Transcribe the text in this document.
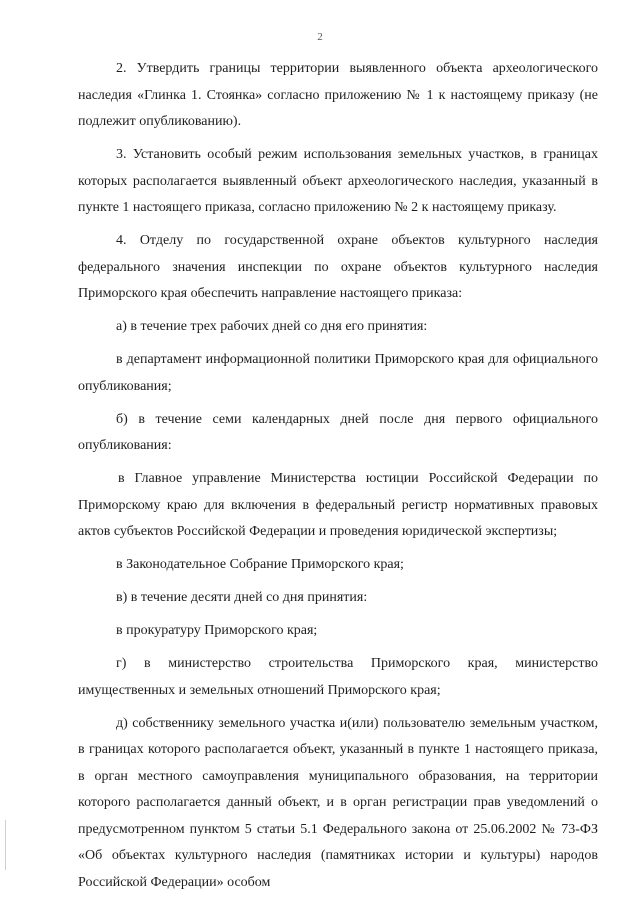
2

2. Утвердить границы территории выявленного объекта археологического наследия «Глинка 1. Стоянка» согласно приложению № 1 к настоящему приказу (не подлежит опубликованию).

3. Установить особый режим использования земельных участков, в границах которых располагается выявленный объект археологического наследия, указанный в пункте 1 настоящего приказа, согласно приложению № 2 к настоящему приказу.

4. Отделу по государственной охране объектов культурного наследия федерального значения инспекции по охране объектов культурного наследия Приморского края обеспечить направление настоящего приказа:

а) в течение трех рабочих дней со дня его принятия:

в департамент информационной политики Приморского края для официального опубликования;

б) в течение семи календарных дней после дня первого официального опубликования:

в Главное управление Министерства юстиции Российской Федерации по Приморскому краю для включения в федеральный регистр нормативных правовых актов субъектов Российской Федерации и проведения юридической экспертизы;

в Законодательное Собрание Приморского края;

в) в течение десяти дней со дня принятия:

в прокуратуру Приморского края;

г) в министерство строительства Приморского края, министерство имущественных и земельных отношений Приморского края;

д) собственнику земельного участка и(или) пользователю земельным участком, в границах которого располагается объект, указанный в пункте 1 настоящего приказа, в орган местного самоуправления муниципального образования, на территории которого располагается данный объект, и в орган регистрации прав уведомлений о предусмотренном пунктом 5 статьи 5.1 Федерального закона от 25.06.2002 № 73-ФЗ «Об объектах культурного наследия (памятниках истории и культуры) народов Российской Федерации» особом
